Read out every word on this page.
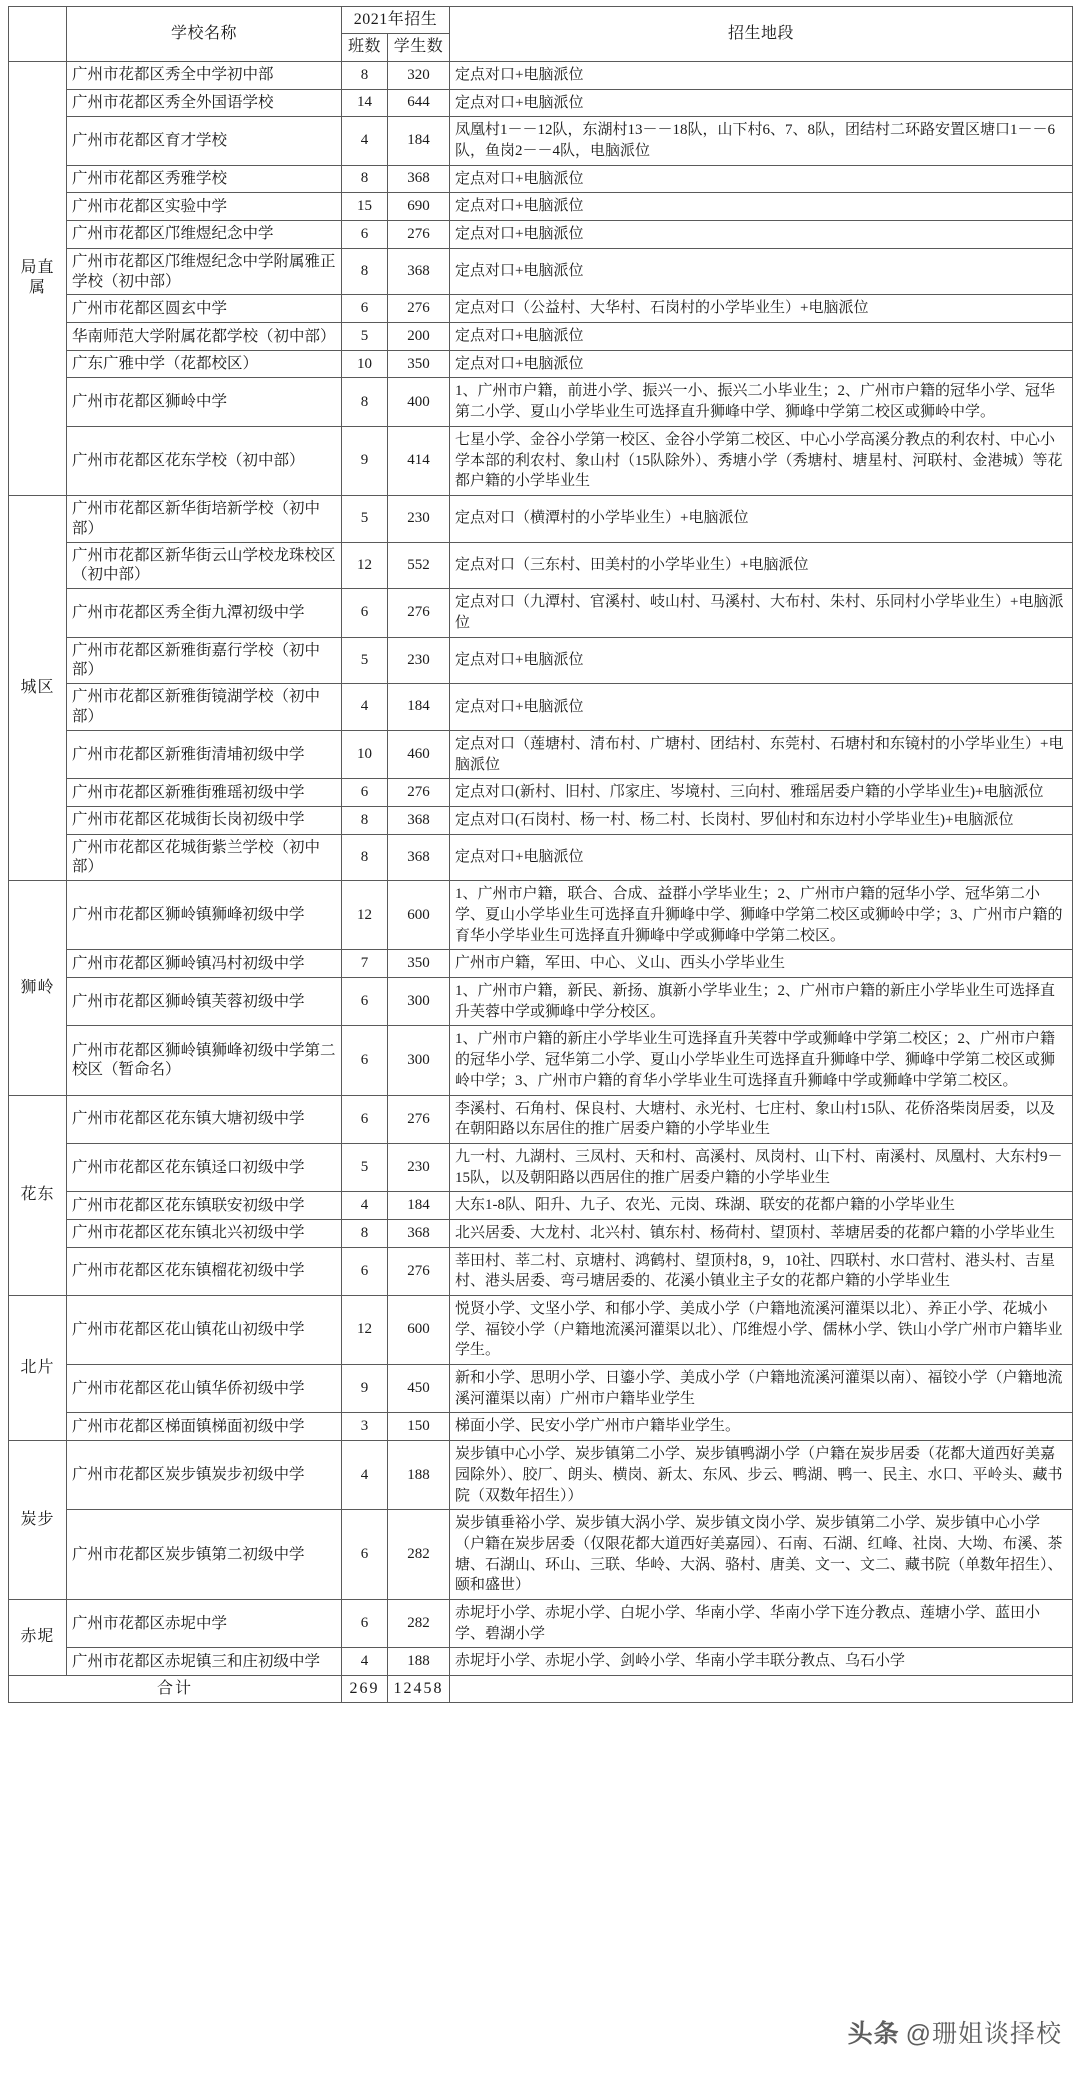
	学校名称	2021年招生		招生地段
		班数	学生数	
局直属	广州市花都区秀全中学初中部	8	320	定点对口+电脑派位
	广州市花都区秀全外国语学校	14	644	定点对口+电脑派位
	广州市花都区育才学校	4	184	凤凰村1－－12队，东湖村13－－18队，山下村6、7、8队，团结村二环路安置区塘口1－－6队，鱼岗2－－4队，电脑派位
	广州市花都区秀雅学校	8	368	定点对口+电脑派位
	广州市花都区实验中学	15	690	定点对口+电脑派位
	广州市花都区邝维煜纪念中学	6	276	定点对口+电脑派位
	广州市花都区邝维煜纪念中学附属雅正学校（初中部）	8	368	定点对口+电脑派位
	广州市花都区圆玄中学	6	276	定点对口（公益村、大华村、石岗村的小学毕业生）+电脑派位
	华南师范大学附属花都学校（初中部）	5	200	定点对口+电脑派位
	广东广雅中学（花都校区）	10	350	定点对口+电脑派位
	广州市花都区狮岭中学	8	400	1、广州市户籍，前进小学、振兴一小、振兴二小毕业生；2、广州市户籍的冠华小学、冠华第二小学、夏山小学毕业生可选择直升狮峰中学、狮峰中学第二校区或狮岭中学。
	广州市花都区花东学校（初中部）	9	414	七星小学、金谷小学第一校区、金谷小学第二校区、中心小学高溪分教点的利农村、中心小学本部的利农村、象山村（15队除外）、秀塘小学（秀塘村、塘星村、河联村、金港城）等花都户籍的小学毕业生
城区	广州市花都区新华街培新学校（初中部）	5	230	定点对口（横潭村的小学毕业生）+电脑派位
	广州市花都区新华街云山学校龙珠校区（初中部）	12	552	定点对口（三东村、田美村的小学毕业生）+电脑派位
	广州市花都区秀全街九潭初级中学	6	276	定点对口（九潭村、官溪村、岐山村、马溪村、大布村、朱村、乐同村小学毕业生）+电脑派位
	广州市花都区新雅街嘉行学校（初中部）	5	230	定点对口+电脑派位
	广州市花都区新雅街镜湖学校（初中部）	4	184	定点对口+电脑派位
	广州市花都区新雅街清埔初级中学	10	460	定点对口（莲塘村、清布村、广塘村、团结村、东莞村、石塘村和东镜村的小学毕业生）+电脑派位
	广州市花都区新雅街雅瑶初级中学	6	276	定点对口(新村、旧村、邝家庄、岑境村、三向村、雅瑶居委户籍的小学毕业生)+电脑派位
	广州市花都区花城街长岗初级中学	8	368	定点对口(石岗村、杨一村、杨二村、长岗村、罗仙村和东边村小学毕业生)+电脑派位
	广州市花都区花城街紫兰学校（初中部）	8	368	定点对口+电脑派位
狮岭	广州市花都区狮岭镇狮峰初级中学	12	600	1、广州市户籍，联合、合成、益群小学毕业生；2、广州市户籍的冠华小学、冠华第二小学、夏山小学毕业生可选择直升狮峰中学、狮峰中学第二校区或狮岭中学；3、广州市户籍的育华小学毕业生可选择直升狮峰中学或狮峰中学第二校区。
	广州市花都区狮岭镇冯村初级中学	7	350	广州市户籍，军田、中心、义山、西头小学毕业生
	广州市花都区狮岭镇芙蓉初级中学	6	300	1、广州市户籍，新民、新扬、旗新小学毕业生；2、广州市户籍的新庄小学毕业生可选择直升芙蓉中学或狮峰中学分校区。
	广州市花都区狮岭镇狮峰初级中学第二校区（暂命名）	6	300	1、广州市户籍的新庄小学毕业生可选择直升芙蓉中学或狮峰中学第二校区；2、广州市户籍的冠华小学、冠华第二小学、夏山小学毕业生可选择直升狮峰中学、狮峰中学第二校区或狮岭中学；3、广州市户籍的育华小学毕业生可选择直升狮峰中学或狮峰中学第二校区。
花东	广州市花都区花东镇大塘初级中学	6	276	李溪村、石角村、保良村、大塘村、永光村、七庄村、象山村15队、花侨洛柴岗居委，以及在朝阳路以东居住的推广居委户籍的小学毕业生
	广州市花都区花东镇迳口初级中学	5	230	九一村、九湖村、三凤村、天和村、高溪村、凤岗村、山下村、南溪村、凤凰村、大东村9－15队，以及朝阳路以西居住的推广居委户籍的小学毕业生
	广州市花都区花东镇联安初级中学	4	184	大东1-8队、阳升、九子、农光、元岗、珠湖、联安的花都户籍的小学毕业生
	广州市花都区花东镇北兴初级中学	8	368	北兴居委、大龙村、北兴村、镇东村、杨荷村、望顶村、莘塘居委的花都户籍的小学毕业生
	广州市花都区花东镇榴花初级中学	6	276	莘田村、莘二村、京塘村、鸿鹤村、望顶村8，9，10社、四联村、水口营村、港头村、吉星村、港头居委、弯弓塘居委的、花溪小镇业主子女的花都户籍的小学毕业生
北片	广州市花都区花山镇花山初级中学	12	600	悦贤小学、文坚小学、和郁小学、美成小学（户籍地流溪河灌渠以北）、养正小学、花城小学、福铰小学（户籍地流溪河灌渠以北）、邝维煜小学、儒林小学、铁山小学广州市户籍毕业学生。
	广州市花都区花山镇华侨初级中学	9	450	新和小学、思明小学、日鎏小学、美成小学（户籍地流溪河灌渠以南）、福铰小学（户籍地流溪河灌渠以南）广州市户籍毕业学生
	广州市花都区梯面镇梯面初级中学	3	150	梯面小学、民安小学广州市户籍毕业学生。
炭步	广州市花都区炭步镇炭步初级中学	4	188	炭步镇中心小学、炭步镇第二小学、炭步镇鸭湖小学（户籍在炭步居委（花都大道西好美嘉园除外）、胶厂、朗头、横岗、新太、东风、步云、鸭湖、鸭一、民主、水口、平岭头、藏书院（双数年招生））
	广州市花都区炭步镇第二初级中学	6	282	炭步镇垂裕小学、炭步镇大涡小学、炭步镇文岗小学、炭步镇第二小学、炭步镇中心小学（户籍在炭步居委（仅限花都大道西好美嘉园）、石南、石湖、红峰、社岗、大坳、布溪、茶塘、石湖山、环山、三联、华岭、大涡、骆村、唐美、文一、文二、藏书院（单数年招生）、颐和盛世）
赤坭	广州市花都区赤坭中学	6	282	赤坭圩小学、赤坭小学、白坭小学、华南小学、华南小学下连分教点、莲塘小学、蓝田小学、碧湖小学
	广州市花都区赤坭镇三和庄初级中学	4	188	赤坭圩小学、赤坭小学、剑岭小学、华南小学丰联分教点、乌石小学
合计		269	12458	
头条 @珊姐谈择校
